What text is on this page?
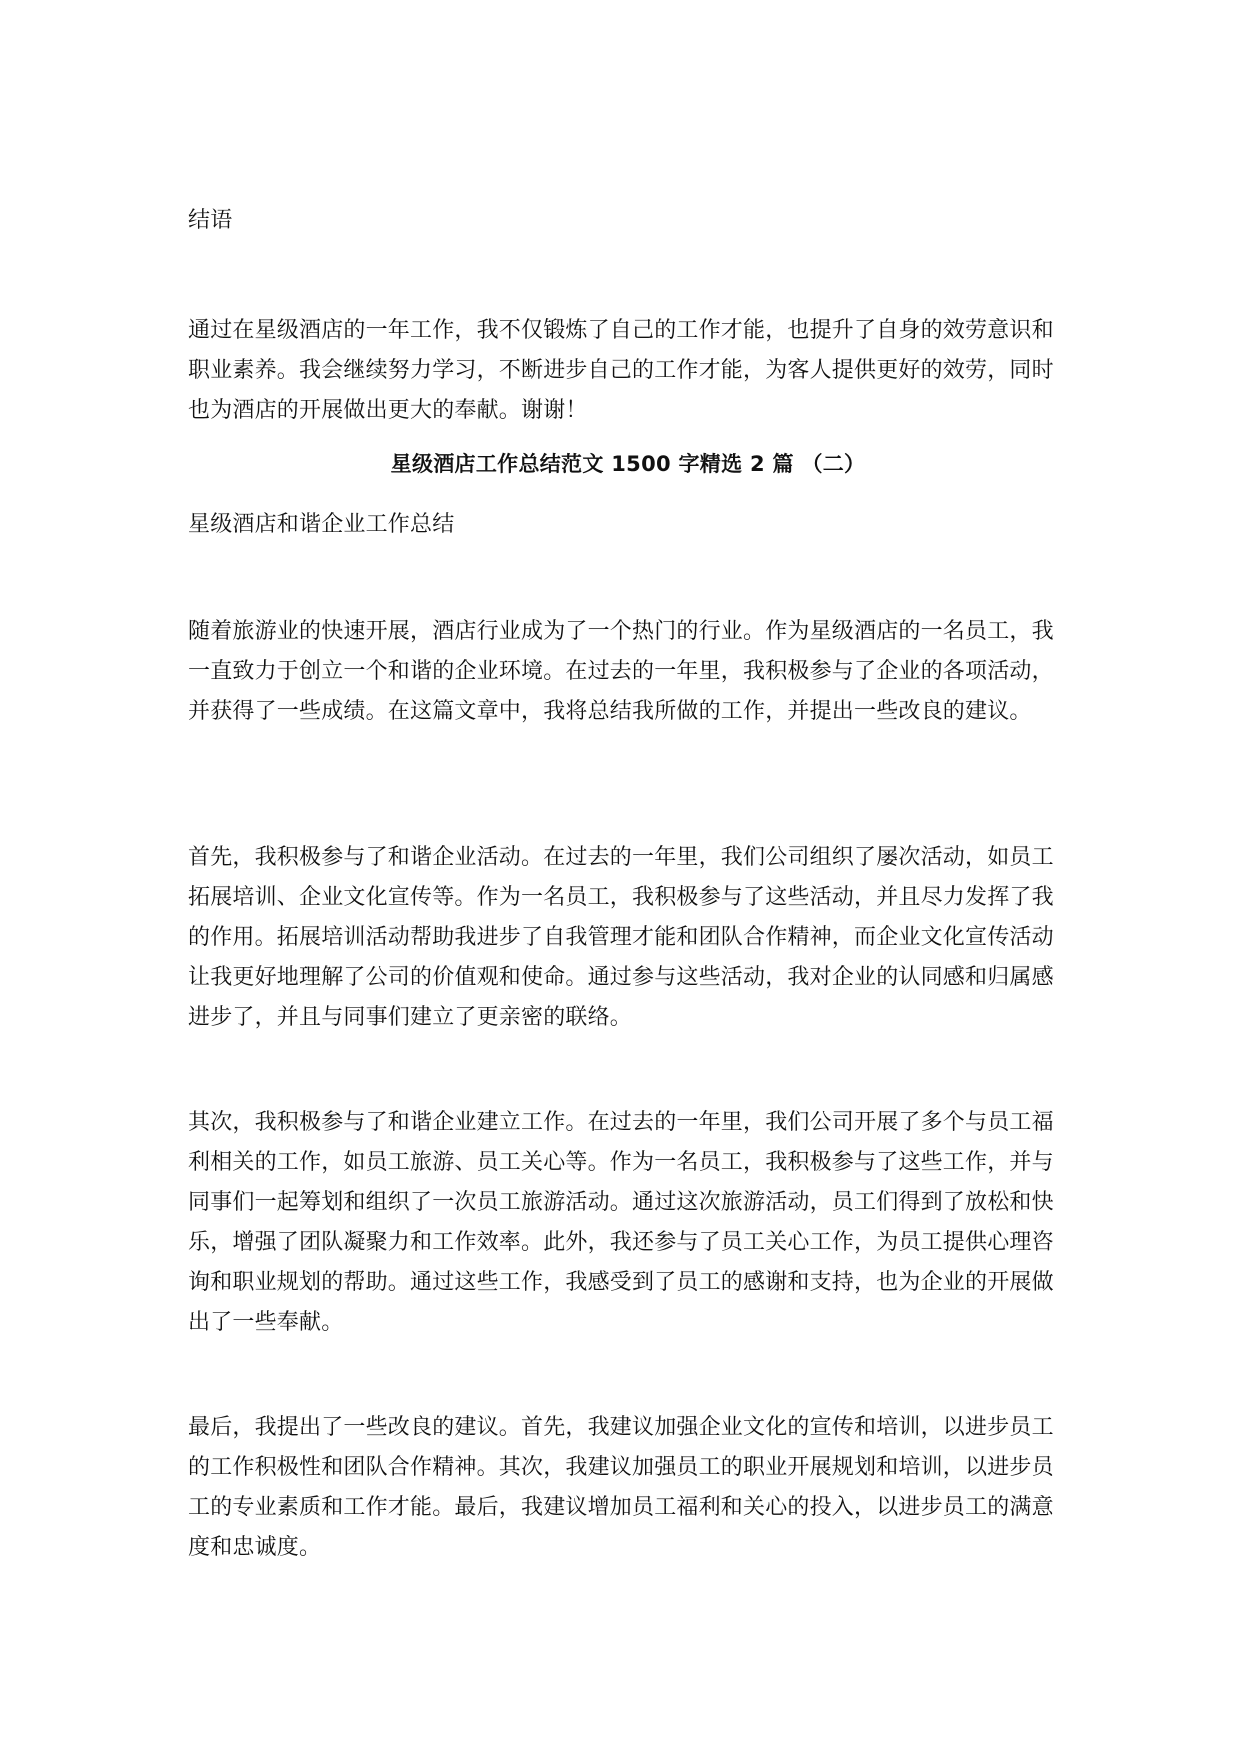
结语

通过在星级酒店的一年工作，我不仅锻炼了自己的工作才能，也提升了自身的效劳意识和职业素养。我会继续努力学习，不断进步自己的工作才能，为客人提供更好的效劳，同时也为酒店的开展做出更大的奉献。谢谢！

星级酒店工作总结范文 1500 字精选 2 篇 （二）

星级酒店和谐企业工作总结

随着旅游业的快速开展，酒店行业成为了一个热门的行业。作为星级酒店的一名员工，我一直致力于创立一个和谐的企业环境。在过去的一年里，我积极参与了企业的各项活动，并获得了一些成绩。在这篇文章中，我将总结我所做的工作，并提出一些改良的建议。

首先，我积极参与了和谐企业活动。在过去的一年里，我们公司组织了屡次活动，如员工拓展培训、企业文化宣传等。作为一名员工，我积极参与了这些活动，并且尽力发挥了我的作用。拓展培训活动帮助我进步了自我管理才能和团队合作精神，而企业文化宣传活动让我更好地理解了公司的价值观和使命。通过参与这些活动，我对企业的认同感和归属感进步了，并且与同事们建立了更亲密的联络。

其次，我积极参与了和谐企业建立工作。在过去的一年里，我们公司开展了多个与员工福利相关的工作，如员工旅游、员工关心等。作为一名员工，我积极参与了这些工作，并与同事们一起筹划和组织了一次员工旅游活动。通过这次旅游活动，员工们得到了放松和快乐，增强了团队凝聚力和工作效率。此外，我还参与了员工关心工作，为员工提供心理咨询和职业规划的帮助。通过这些工作，我感受到了员工的感谢和支持，也为企业的开展做出了一些奉献。

最后，我提出了一些改良的建议。首先，我建议加强企业文化的宣传和培训，以进步员工的工作积极性和团队合作精神。其次，我建议加强员工的职业开展规划和培训，以进步员工的专业素质和工作才能。最后，我建议增加员工福利和关心的投入，以进步员工的满意度和忠诚度。
